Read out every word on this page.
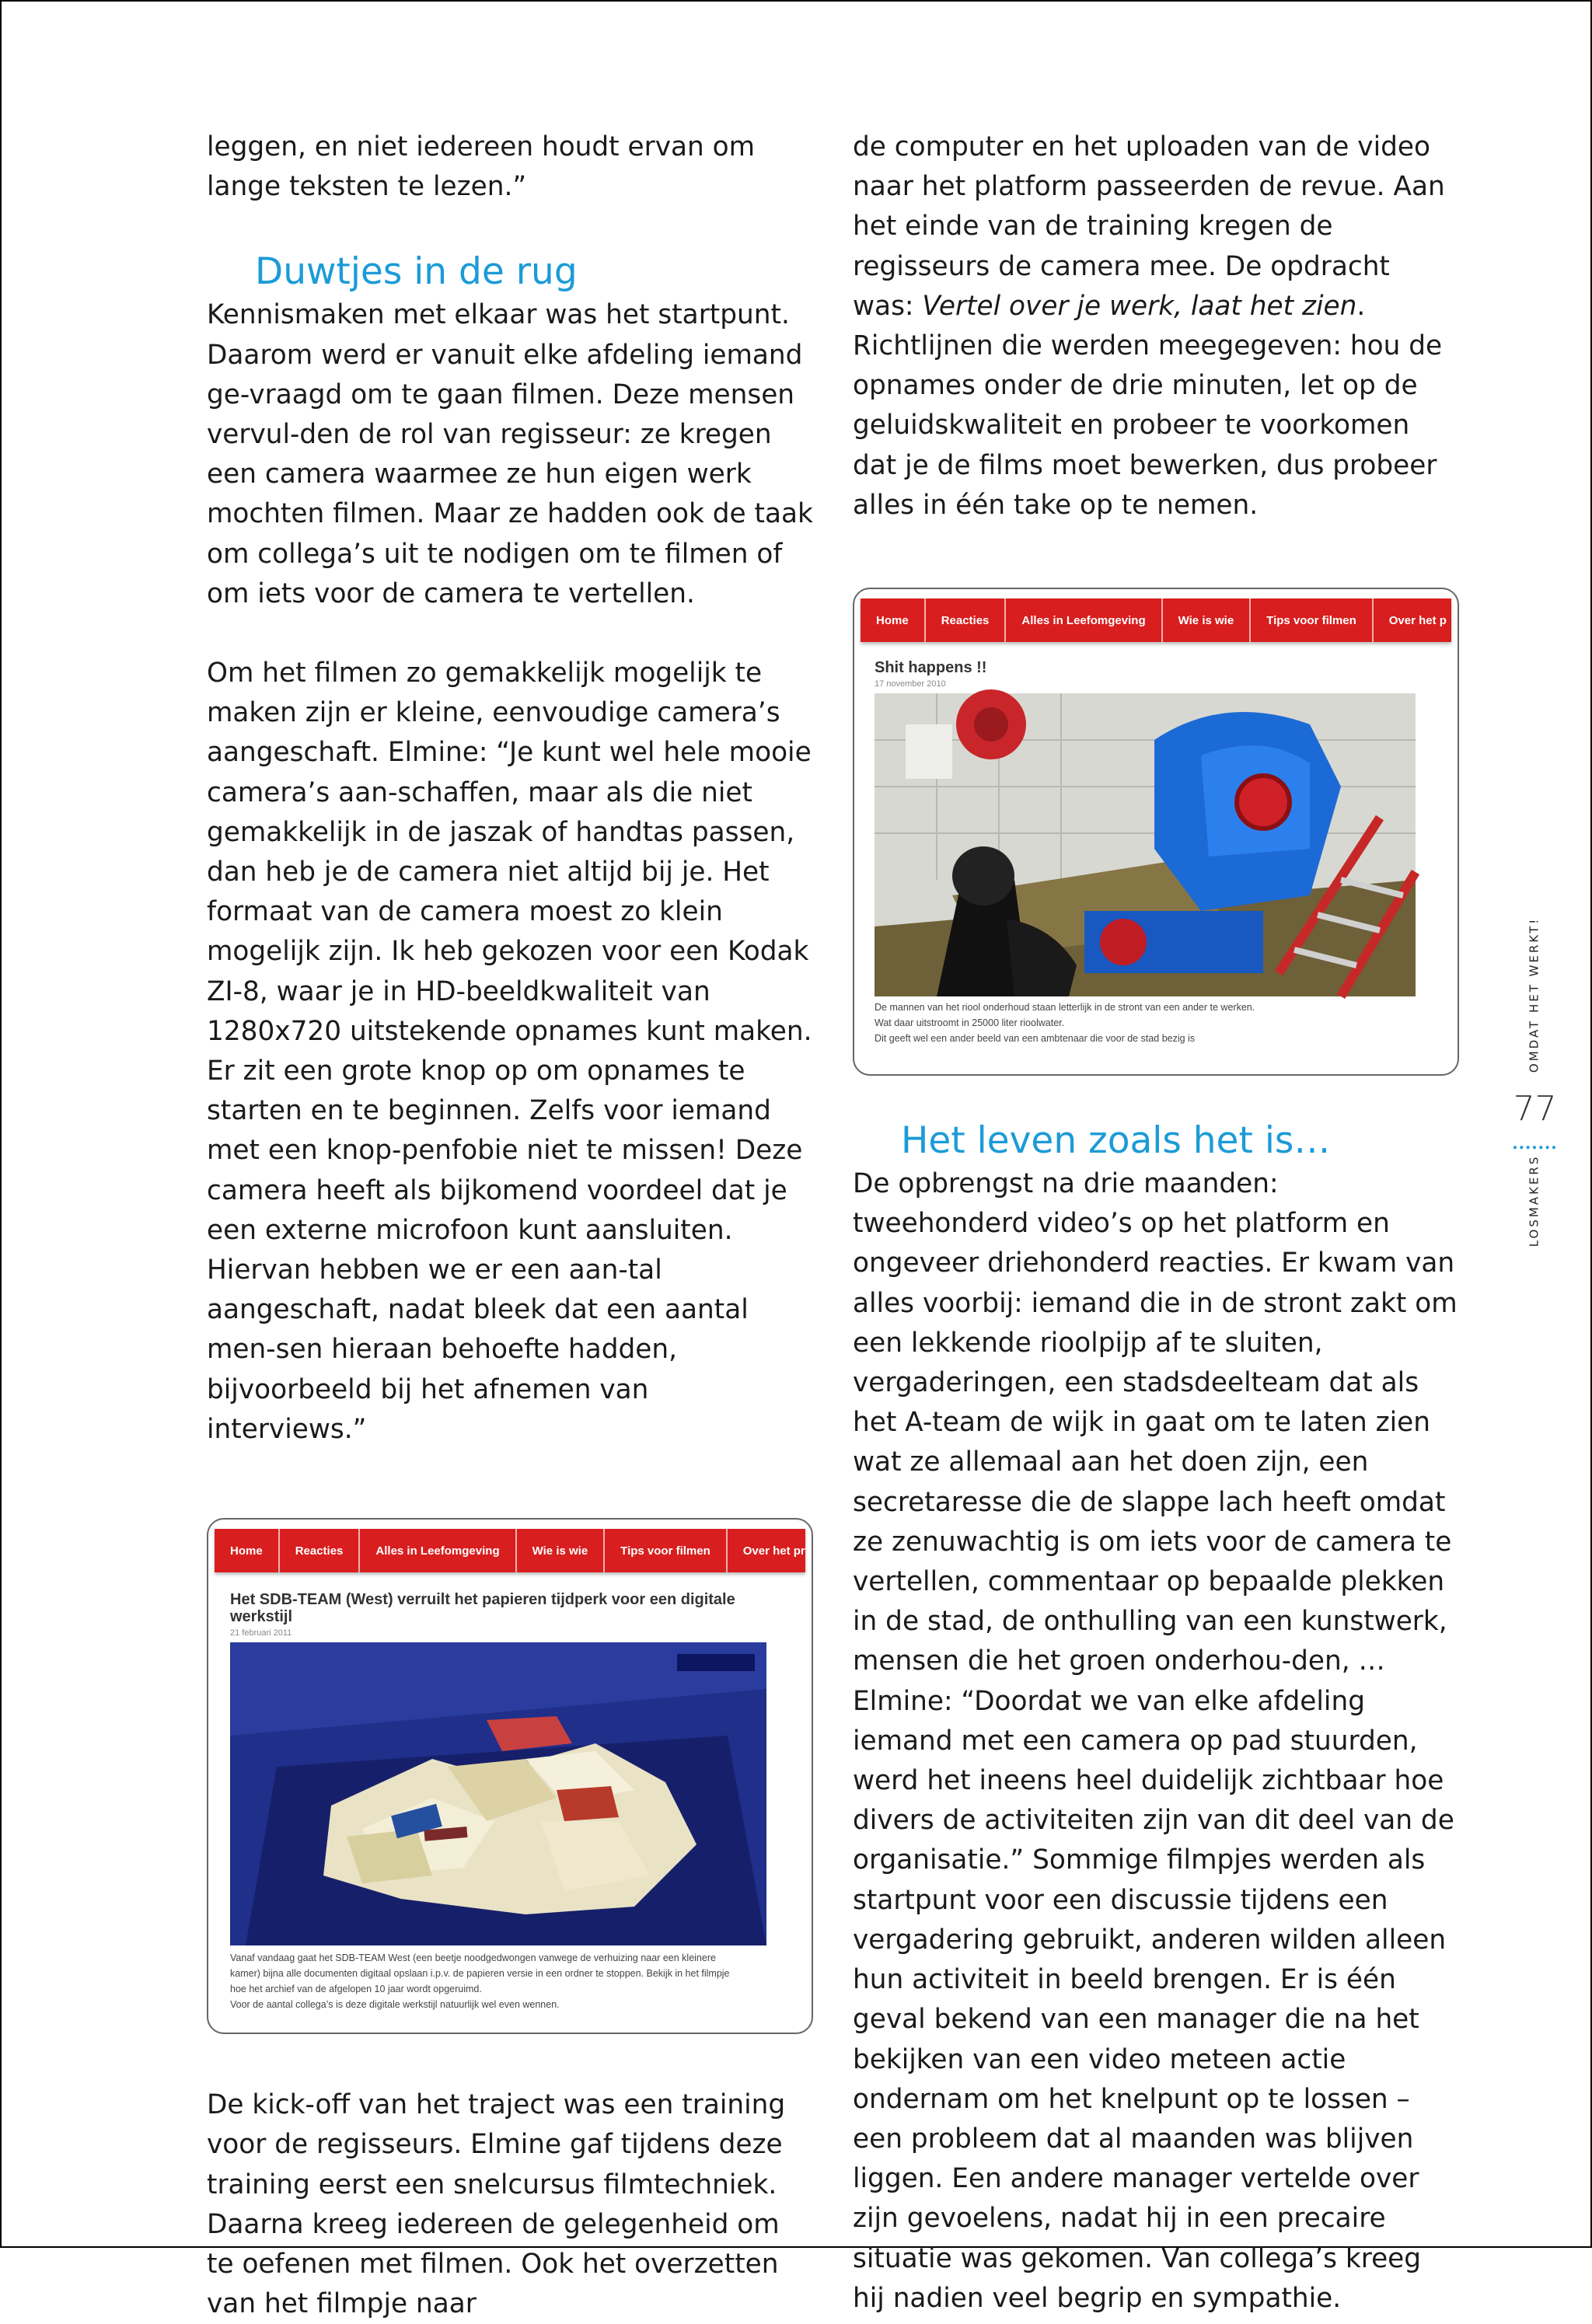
leggen, en niet iedereen houdt ervan om lange teksten te lezen.”

Duwtjes in de rug

Kennismaken met elkaar was het startpunt. Daarom werd er vanuit elke afdeling iemand ge-vraagd om te gaan filmen. Deze mensen vervul-den de rol van regisseur: ze kregen een camera waarmee ze hun eigen werk mochten filmen. Maar ze hadden ook de taak om collega’s uit te nodigen om te filmen of om iets voor de camera te vertellen.

Om het filmen zo gemakkelijk mogelijk te maken zijn er kleine, eenvoudige camera’s aangeschaft. Elmine: “Je kunt wel hele mooie camera’s aan-schaffen, maar als die niet gemakkelijk in de jaszak of handtas passen, dan heb je de camera niet altijd bij je. Het formaat van de camera moest zo klein mogelijk zijn. Ik heb gekozen voor een Kodak ZI-8, waar je in HD-beeldkwaliteit van 1280x720 uitstekende opnames kunt maken. Er zit een grote knop op om opnames te starten en te beginnen. Zelfs voor iemand met een knop-penfobie niet te missen! Deze camera heeft als bijkomend voordeel dat je een externe microfoon kunt aansluiten. Hiervan hebben we er een aan-tal aangeschaft, nadat bleek dat een aantal men-sen hieraan behoefte hadden, bijvoorbeeld bij het afnemen van interviews.”

Home	Reacties	Alles in Leefomgeving	Wie is wie	Tips voor filmen	Over het pr
Het SDB-TEAM (West) verruilt het papieren tijdperk voor een digitale werkstijl
21 februari 2011
Vanaf vandaag gaat het SDB-TEAM West (een beetje noodgedwongen vanwege de verhuizing naar een kleinere
kamer) bijna alle documenten digitaal opslaan i.p.v. de papieren versie in een ordner te stoppen. Bekijk in het filmpje
hoe het archief van de afgelopen 10 jaar wordt opgeruimd.
Voor de aantal collega’s is deze digitale werkstijl natuurlijk wel even wennen.

De kick-off van het traject was een training voor de regisseurs. Elmine gaf tijdens deze training eerst een snelcursus filmtechniek. Daarna kreeg iedereen de gelegenheid om te oefenen met filmen. Ook het overzetten van het filmpje naar

de computer en het uploaden van de video naar het platform passeerden de revue. Aan het einde van de training kregen de regisseurs de camera mee. De opdracht was: Vertel over je werk, laat het zien. Richtlijnen die werden meegegeven: hou de opnames onder de drie minuten, let op de geluidskwaliteit en probeer te voorkomen dat je de films moet bewerken, dus probeer alles in één take op te nemen.

Home	Reacties	Alles in Leefomgeving	Wie is wie	Tips voor filmen	Over het p
Shit happens !!
17 november 2010
De mannen van het riool onderhoud staan letterlijk in de stront van een ander te werken.
Wat daar uitstroomt in 25000 liter rioolwater.
Dit geeft wel een ander beeld van een ambtenaar die voor de stad bezig is
Het leven zoals het is…

De opbrengst na drie maanden: tweehonderd video’s op het platform en ongeveer driehonderd reacties. Er kwam van alles voorbij: iemand die in de stront zakt om een lekkende rioolpijp af te sluiten, vergaderingen, een stadsdeelteam dat als het A-team de wijk in gaat om te laten zien wat ze allemaal aan het doen zijn, een secretaresse die de slappe lach heeft omdat ze zenuwachtig is om iets voor de camera te vertellen, commentaar op bepaalde plekken in de stad, de onthulling van een kunstwerk, mensen die het groen onderhou-den, … Elmine: “Doordat we van elke afdeling iemand met een camera op pad stuurden, werd het ineens heel duidelijk zichtbaar hoe divers de activiteiten zijn van dit deel van de organisatie.” Sommige filmpjes werden als startpunt voor een discussie tijdens een vergadering gebruikt, anderen wilden alleen hun activiteit in beeld brengen. Er is één geval bekend van een manager die na het bekijken van een video meteen actie ondernam om het knelpunt op te lossen – een probleem dat al maanden was blijven liggen. Een andere manager vertelde over zijn gevoelens, nadat hij in een precaire situatie was gekomen. Van collega’s kreeg hij nadien veel begrip en sympathie.

LOSMAKERS 77 OMDAT HET WERKT!
